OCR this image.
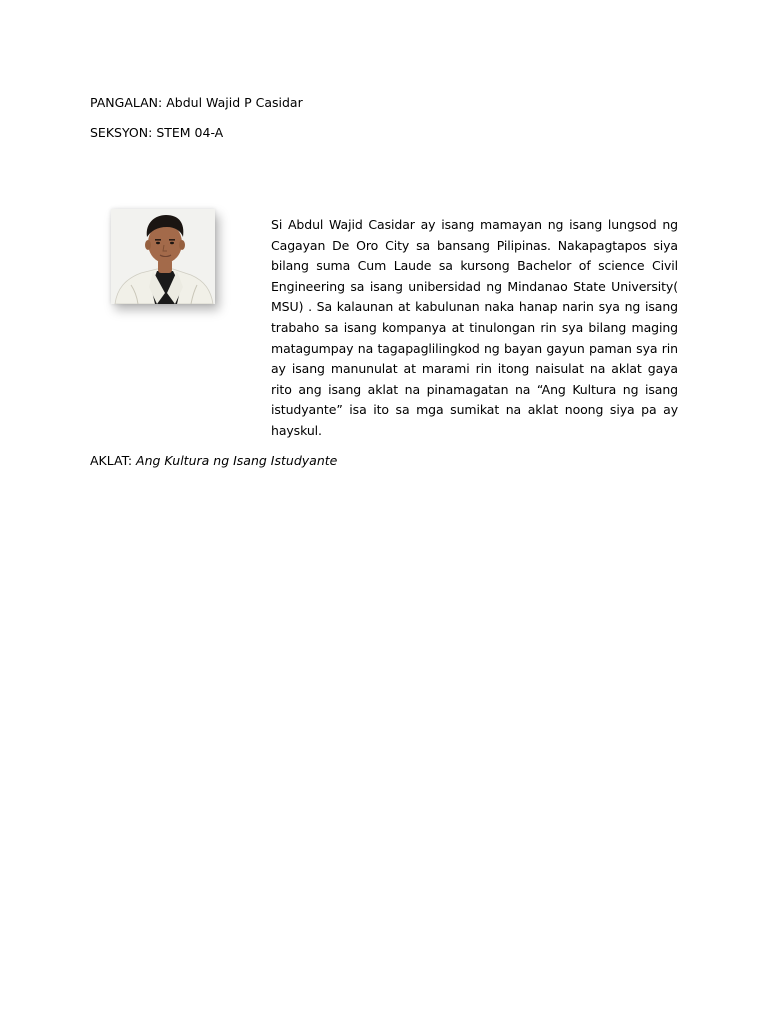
PANGALAN: Abdul Wajid P Casidar
SEKSYON: STEM 04-A
Si Abdul Wajid Casidar ay isang mamayan ng isang lungsod ng Cagayan De Oro City sa bansang Pilipinas. Nakapagtapos siya bilang suma Cum Laude sa kursong Bachelor of science Civil Engineering sa isang unibersidad ng Mindanao State University( MSU) . Sa kalaunan at kabulunan naka hanap narin sya ng isang trabaho sa isang kompanya at tinulongan rin sya bilang maging matagumpay na tagapaglilingkod ng bayan gayun paman sya rin ay isang manunulat at marami rin itong naisulat na aklat gaya rito ang isang aklat na pinamagatan na “Ang Kultura ng isang istudyante” isa ito sa mga sumikat na aklat noong siya pa ay hayskul.
AKLAT: Ang Kultura ng Isang Istudyante
